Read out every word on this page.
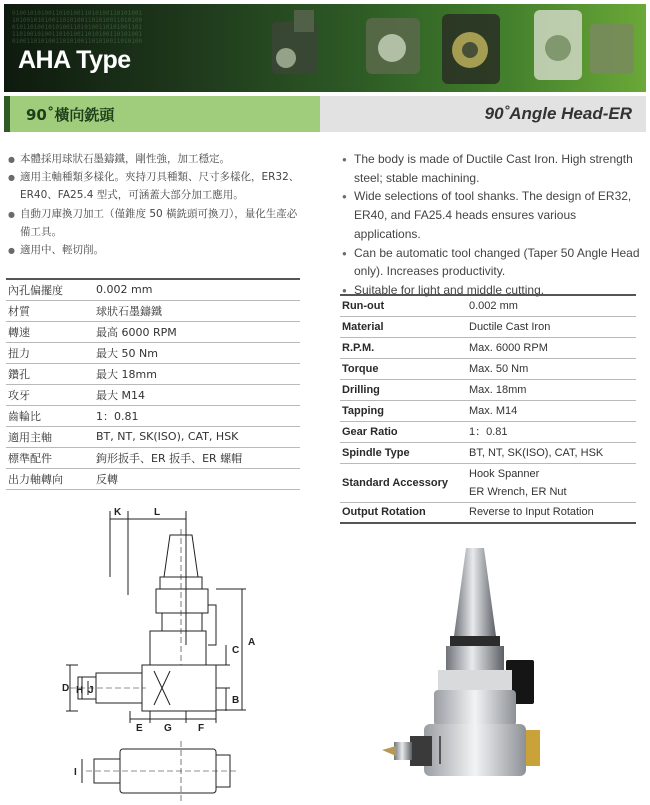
010010101001101010011010100110101001
101001010100110101001101010011010100
010110100101010011010100110101001101
110100101001101010011010100110101001
010011010100110101001101010011010100
AHA Type
90˚橫向銑頭	90˚Angle Head-ER
● 本體採用球狀石墨鑄鐵，剛性強，加工穩定。
● 適用主軸種類多樣化。夾持刀具種類、尺寸多樣化，ER32、ER40、FA25.4 型式，可涵蓋大部分加工應用。
● 自動刀庫換刀加工（僅錐度 50 橫銑頭可換刀），量化生產必備工具。
● 適用中、輕切削。
● The body is made of Ductile Cast Iron. High strength steel; stable machining.
● Wide selections of tool shanks. The design of ER32, ER40, and FA25.4 heads ensures various applications.
● Can be automatic tool changed (Taper 50 Angle Head only). Increases productivity.
● Suitable for light and middle cutting.
內孔偏擺度	0.002 mm
材質	球狀石墨鑄鐵
轉速	最高 6000 RPM
扭力	最大 50 Nm
鑽孔	最大 18mm
攻牙	最大 M14
齒輪比	1：0.81
適用主軸	BT, NT, SK(ISO), CAT, HSK
標準配件	鉤形扳手、ER 扳手、ER 螺帽
出力軸轉向	反轉
Run-out	0.002 mm
Material	Ductile Cast Iron
R.P.M.	Max. 6000 RPM
Torque	Max. 50 Nm
Drilling	Max. 18mm
Tapping	Max. M14
Gear Ratio	1：0.81
Spindle Type	BT, NT, SK(ISO), CAT, HSK
Standard Accessory	Hook Spanner
ER Wrench, ER Nut

Output Rotation	Reverse to Input Rotation
K	L
A
C
B
D H J
E G	F
I
